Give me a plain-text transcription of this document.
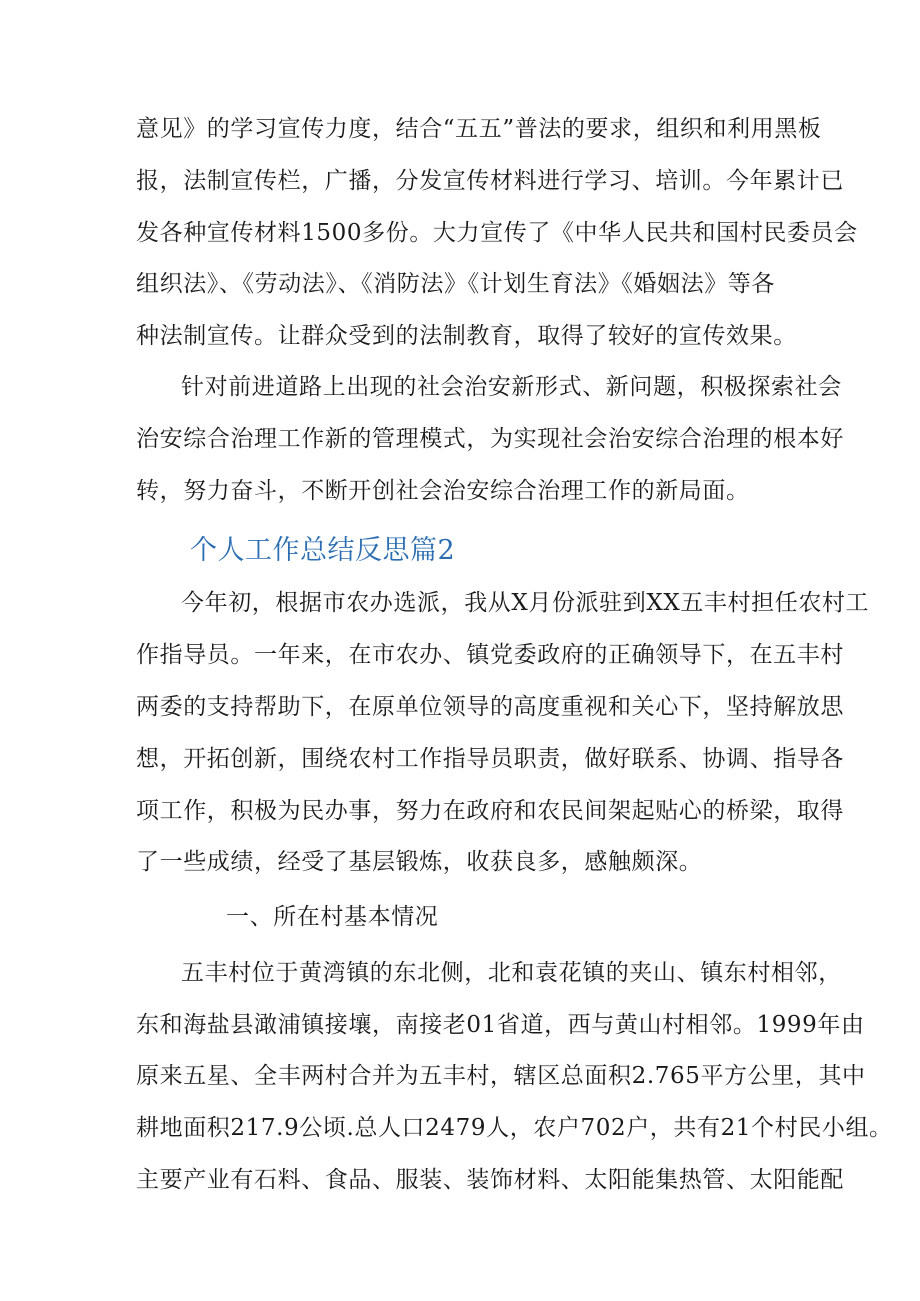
意见》的学习宣传力度，结合“五五”普法的要求，组织和利用黑板
报，法制宣传栏，广播，分发宣传材料进行学习、培训。今年累计已
发各种宣传材料1500多份。大力宣传了《中华人民共和国村民委员会
组织法》、《劳动法》、《消防法》《计划生育法》《婚姻法》等各
种法制宣传。让群众受到的法制教育，取得了较好的宣传效果。
针对前进道路上出现的社会治安新形式、新问题，积极探索社会
治安综合治理工作新的管理模式，为实现社会治安综合治理的根本好
转，努力奋斗，不断开创社会治安综合治理工作的新局面。
个人工作总结反思篇2
今年初，根据市农办选派，我从X月份派驻到XX五丰村担任农村工
作指导员。一年来，在市农办、镇党委政府的正确领导下，在五丰村
两委的支持帮助下，在原单位领导的高度重视和关心下，坚持解放思
想，开拓创新，围绕农村工作指导员职责，做好联系、协调、指导各
项工作，积极为民办事，努力在政府和农民间架起贴心的桥梁，取得
了一些成绩，经受了基层锻炼，收获良多，感触颇深。
一、所在村基本情况
五丰村位于黄湾镇的东北侧，北和袁花镇的夹山、镇东村相邻，
东和海盐县澉浦镇接壤，南接老01省道，西与黄山村相邻。1999年由
原来五星、全丰两村合并为五丰村，辖区总面积2.765平方公里，其中
耕地面积217.9公顷.总人口2479人，农户702户，共有21个村民小组。
主要产业有石料、食品、服装、装饰材料、太阳能集热管、太阳能配
